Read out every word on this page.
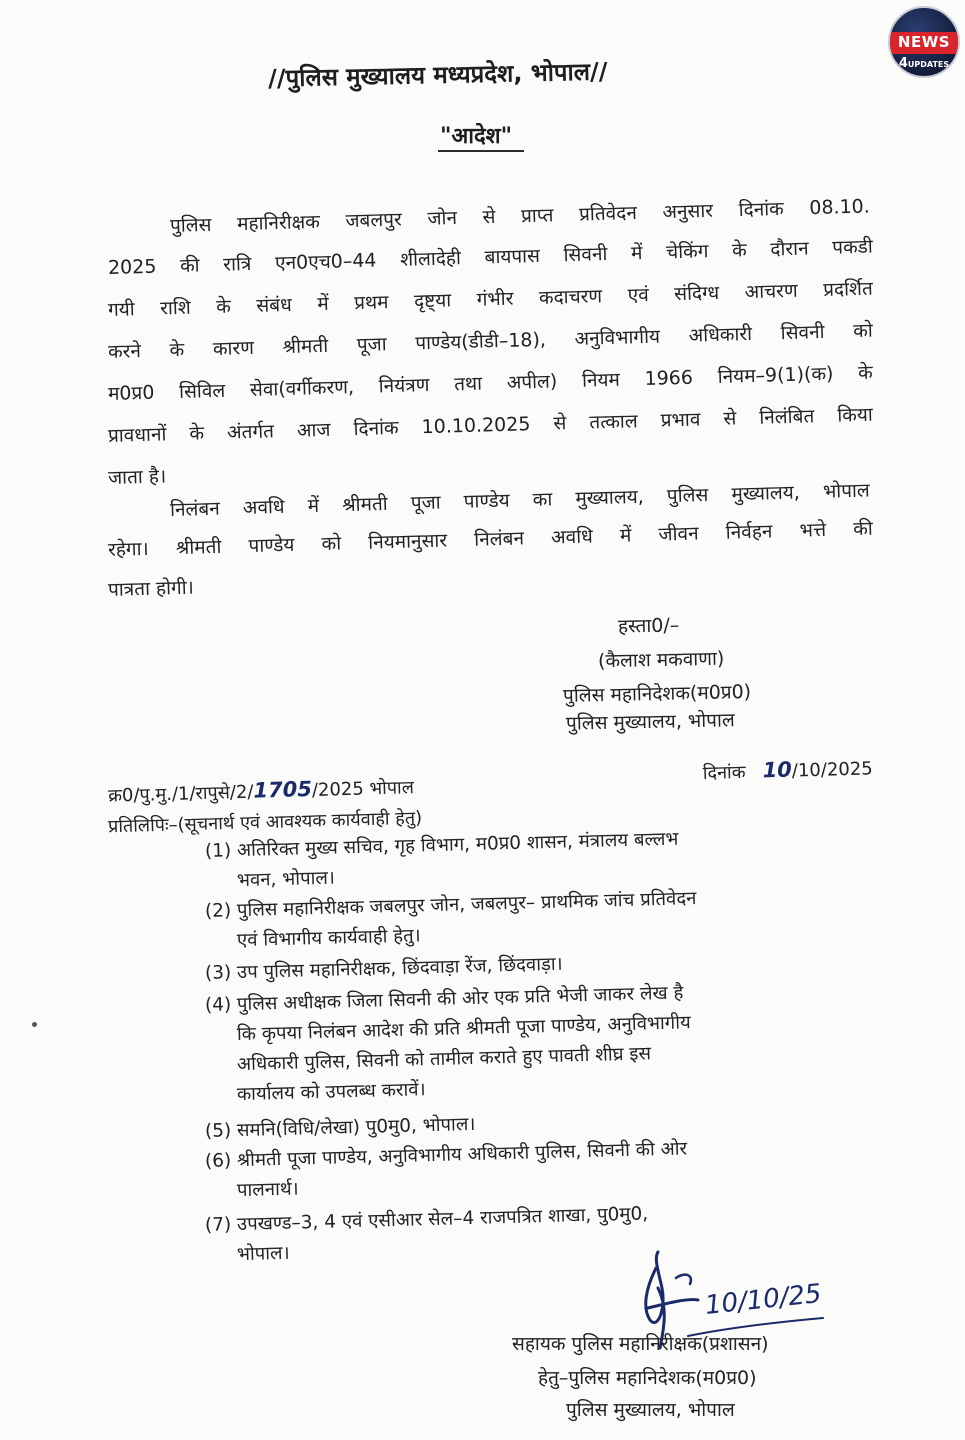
NEWS
4UPDATES
//पुलिस मुख्यालय मध्यप्रदेश, भोपाल//
"आदेश"
पुलिस महानिरीक्षक जबलपुर जोन से प्राप्त प्रतिवेदन अनुसार दिनांक 08.10.
2025 की रात्रि एन0एच0–44 शीलादेही बायपास सिवनी में चेकिंग के दौरान पकडी
गयी राशि के संबंध में प्रथम दृष्ट्या गंभीर कदाचरण एवं संदिग्ध आचरण प्रदर्शित
करने के कारण श्रीमती पूजा पाण्डेय(डीडी–18), अनुविभागीय अधिकारी सिवनी को
म0प्र0 सिविल सेवा(वर्गीकरण, नियंत्रण तथा अपील) नियम 1966 नियम–9(1)(क) के
प्रावधानों के अंतर्गत आज दिनांक 10.10.2025 से तत्काल प्रभाव से निलंबित किया
जाता है।
निलंबन अवधि में श्रीमती पूजा पाण्डेय का मुख्यालय, पुलिस मुख्यालय, भोपाल
रहेगा। श्रीमती पाण्डेय को नियमानुसार निलंबन अवधि में जीवन निर्वहन भत्ते की
पात्रता होगी।
हस्ता0/–
(कैलाश मकवाणा)
पुलिस महानिदेशक(म0प्र0)
पुलिस मुख्यालय, भोपाल
क्र0/पु.मु./1/रापुसे/2/1705/2025 भोपाल
दिनांक 10/10/2025
प्रतिलिपिः–(सूचनार्थ एवं आवश्यक कार्यवाही हेतु)
(1) अतिरिक्त मुख्य सचिव, गृह विभाग, म0प्र0 शासन, मंत्रालय बल्लभ
भवन, भोपाल।
(2) पुलिस महानिरीक्षक जबलपुर जोन, जबलपुर– प्राथमिक जांच प्रतिवेदन
एवं विभागीय कार्यवाही हेतु।
(3) उप पुलिस महानिरीक्षक, छिंदवाड़ा रेंज, छिंदवाड़ा।
(4) पुलिस अधीक्षक जिला सिवनी की ओर एक प्रति भेजी जाकर लेख है
कि कृपया निलंबन आदेश की प्रति श्रीमती पूजा पाण्डेय, अनुविभागीय
अधिकारी पुलिस, सिवनी को तामील कराते हुए पावती शीघ्र इस
कार्यालय को उपलब्ध करावें।
(5) समनि(विधि/लेखा) पु0मु0, भोपाल।
(6) श्रीमती पूजा पाण्डेय, अनुविभागीय अधिकारी पुलिस, सिवनी की ओर
पालनार्थ।
(7) उपखण्ड–3, 4 एवं एसीआर सेल–4 राजपत्रित शाखा, पु0मु0,
भोपाल।
10/10/25
सहायक पुलिस महानिरीक्षक(प्रशासन)
हेतु–पुलिस महानिदेशक(म0प्र0)
पुलिस मुख्यालय, भोपाल
